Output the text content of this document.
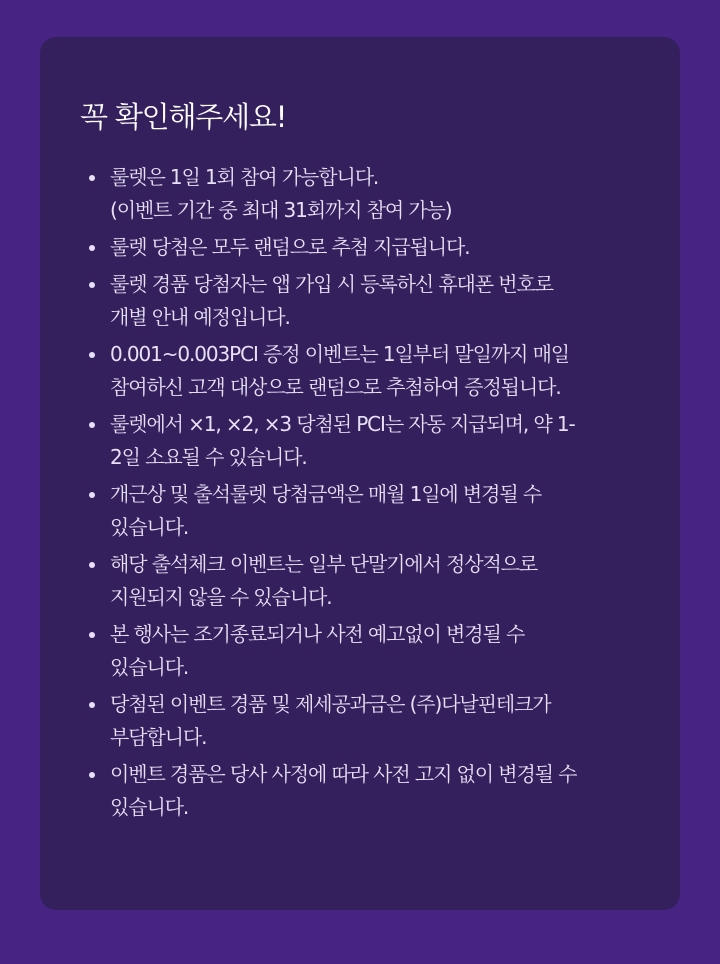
꼭 확인해주세요!
룰렛은 1일 1회 참여 가능합니다.
(이벤트 기간 중 최대 31회까지 참여 가능)
룰렛 당첨은 모두 랜덤으로 추첨 지급됩니다.
룰렛 경품 당첨자는 앱 가입 시 등록하신 휴대폰 번호로
개별 안내 예정입니다.
0.001~0.003PCI 증정 이벤트는 1일부터 말일까지 매일
참여하신 고객 대상으로 랜덤으로 추첨하여 증정됩니다.
룰렛에서 ×1, ×2, ×3 당첨된 PCI는 자동 지급되며, 약 1-
2일 소요될 수 있습니다.
개근상 및 출석룰렛 당첨금액은 매월 1일에 변경될 수
있습니다.
해당 출석체크 이벤트는 일부 단말기에서 정상적으로
지원되지 않을 수 있습니다.
본 행사는 조기종료되거나 사전 예고없이 변경될 수
있습니다.
당첨된 이벤트 경품 및 제세공과금은 (주)다날핀테크가
부담합니다.
이벤트 경품은 당사 사정에 따라 사전 고지 없이 변경될 수
있습니다.
